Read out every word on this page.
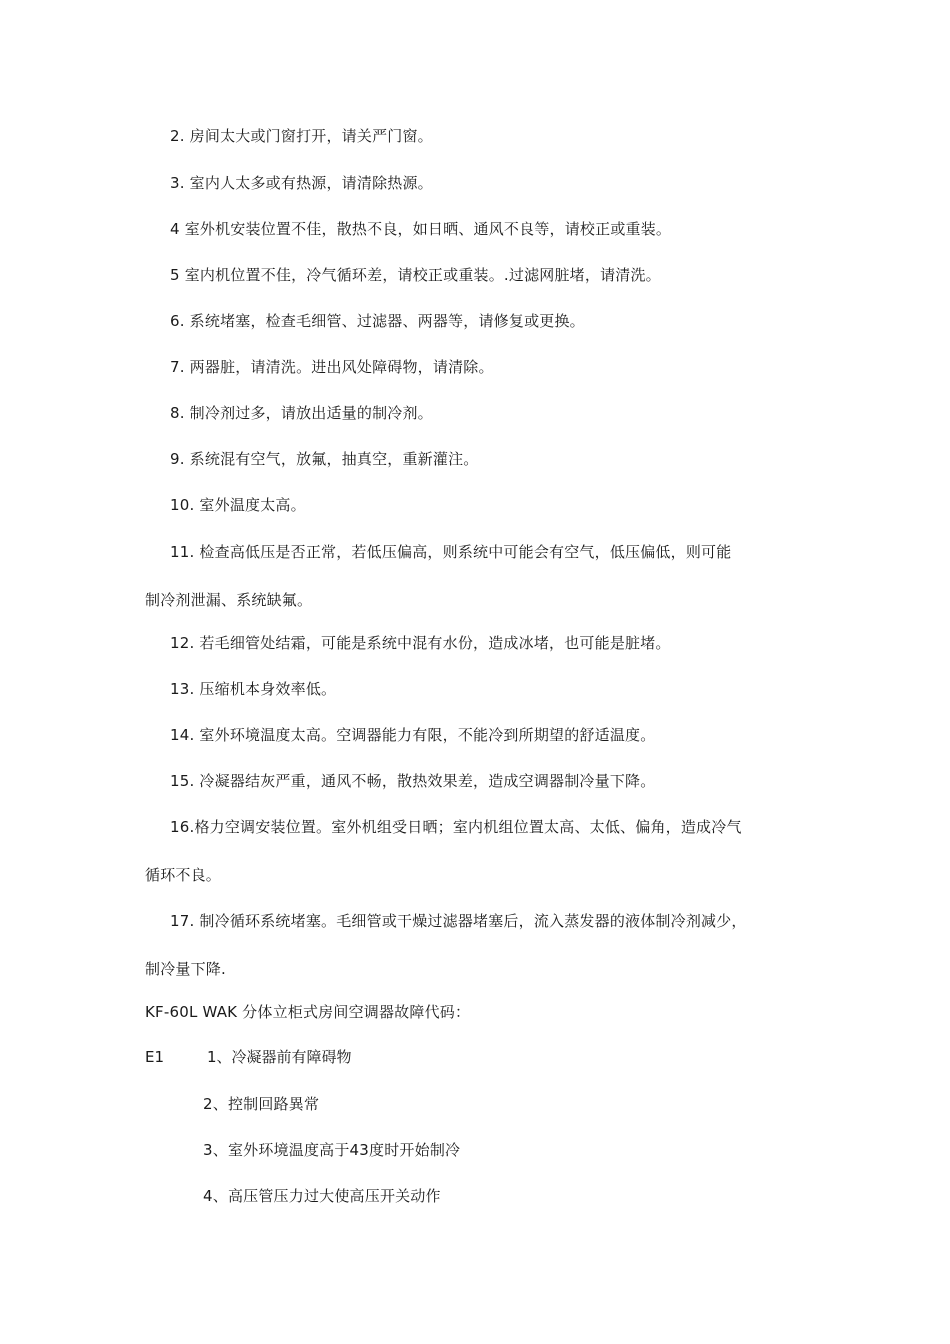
2. 房间太大或门窗打开，请关严门窗。
3. 室内人太多或有热源，请清除热源。
4 室外机安装位置不佳，散热不良，如日晒、通风不良等，请校正或重装。
5 室内机位置不佳，冷气循环差，请校正或重装。.过滤网脏堵，请清洗。
6. 系统堵塞，检查毛细管、过滤器、两器等，请修复或更换。
7. 两器脏，请清洗。进出风处障碍物，请清除。
8. 制冷剂过多，请放出适量的制冷剂。
9. 系统混有空气，放氟，抽真空，重新灌注。
10. 室外温度太高。
11. 检查高低压是否正常，若低压偏高，则系统中可能会有空气，低压偏低，则可能
制冷剂泄漏、系统缺氟。
12. 若毛细管处结霜，可能是系统中混有水份，造成冰堵，也可能是脏堵。
13. 压缩机本身效率低。
14. 室外环境温度太高。空调器能力有限，不能冷到所期望的舒适温度。
15. 冷凝器结灰严重，通风不畅，散热效果差，造成空调器制冷量下降。
16.格力空调安装位置。室外机组受日晒；室内机组位置太高、太低、偏角，造成冷气
循环不良。
17. 制冷循环系统堵塞。毛细管或干燥过滤器堵塞后，流入蒸发器的液体制冷剂减少，
制冷量下降.
KF-60L WAK 分体立柜式房间空调器故障代码：
E1	1、冷凝器前有障碍物
2、控制回路異常
3、室外环境温度高于43度时开始制冷
4、高压管压力过大使高压开关动作
